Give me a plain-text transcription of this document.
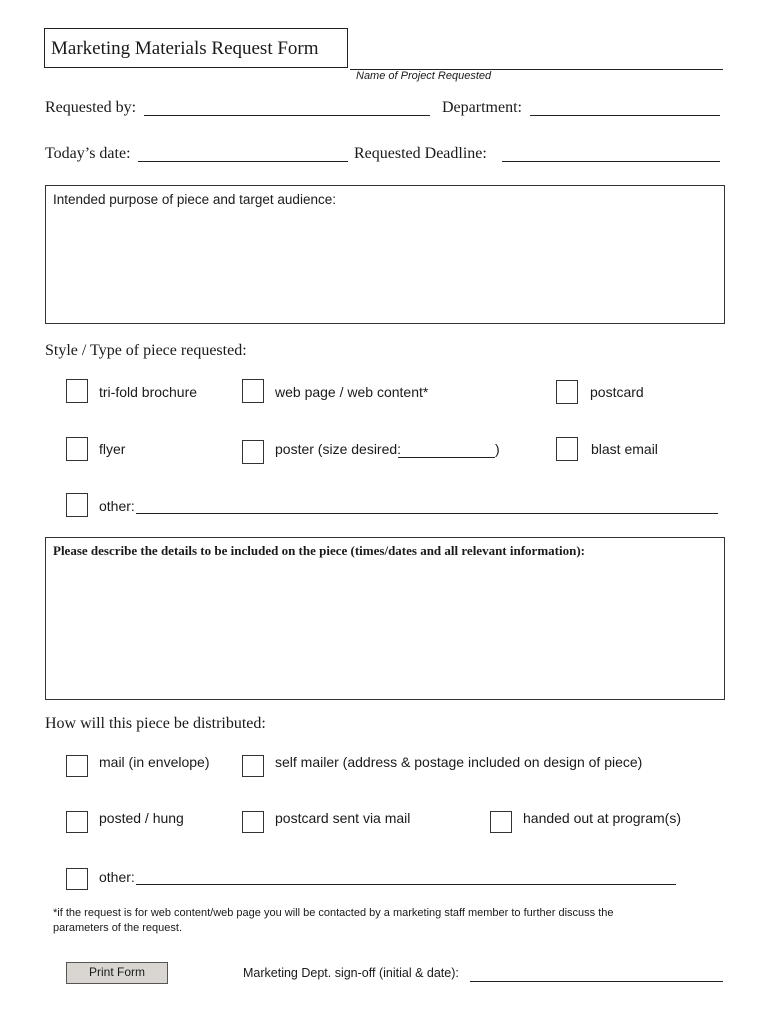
Marketing Materials Request Form
Name of Project Requested
Requested by:	Department:
Today’s date:	Requested Deadline:
Intended purpose of piece and target audience:
Style / Type of piece requested:
tri-fold brochure	web page / web content*	postcard
flyer	poster (size desired:	)	blast email
other:
Please describe the details to be included on the piece (times/dates and all relevant information):
How will this piece be distributed:
mail (in envelope)	self mailer (address & postage included on design of piece)
posted / hung	postcard sent via mail	handed out at program(s)
other:
*if the request is for web content/web page you will be contacted by a marketing staff member to further discuss the
parameters of the request.
Print Form	Marketing Dept. sign-off (initial & date):
